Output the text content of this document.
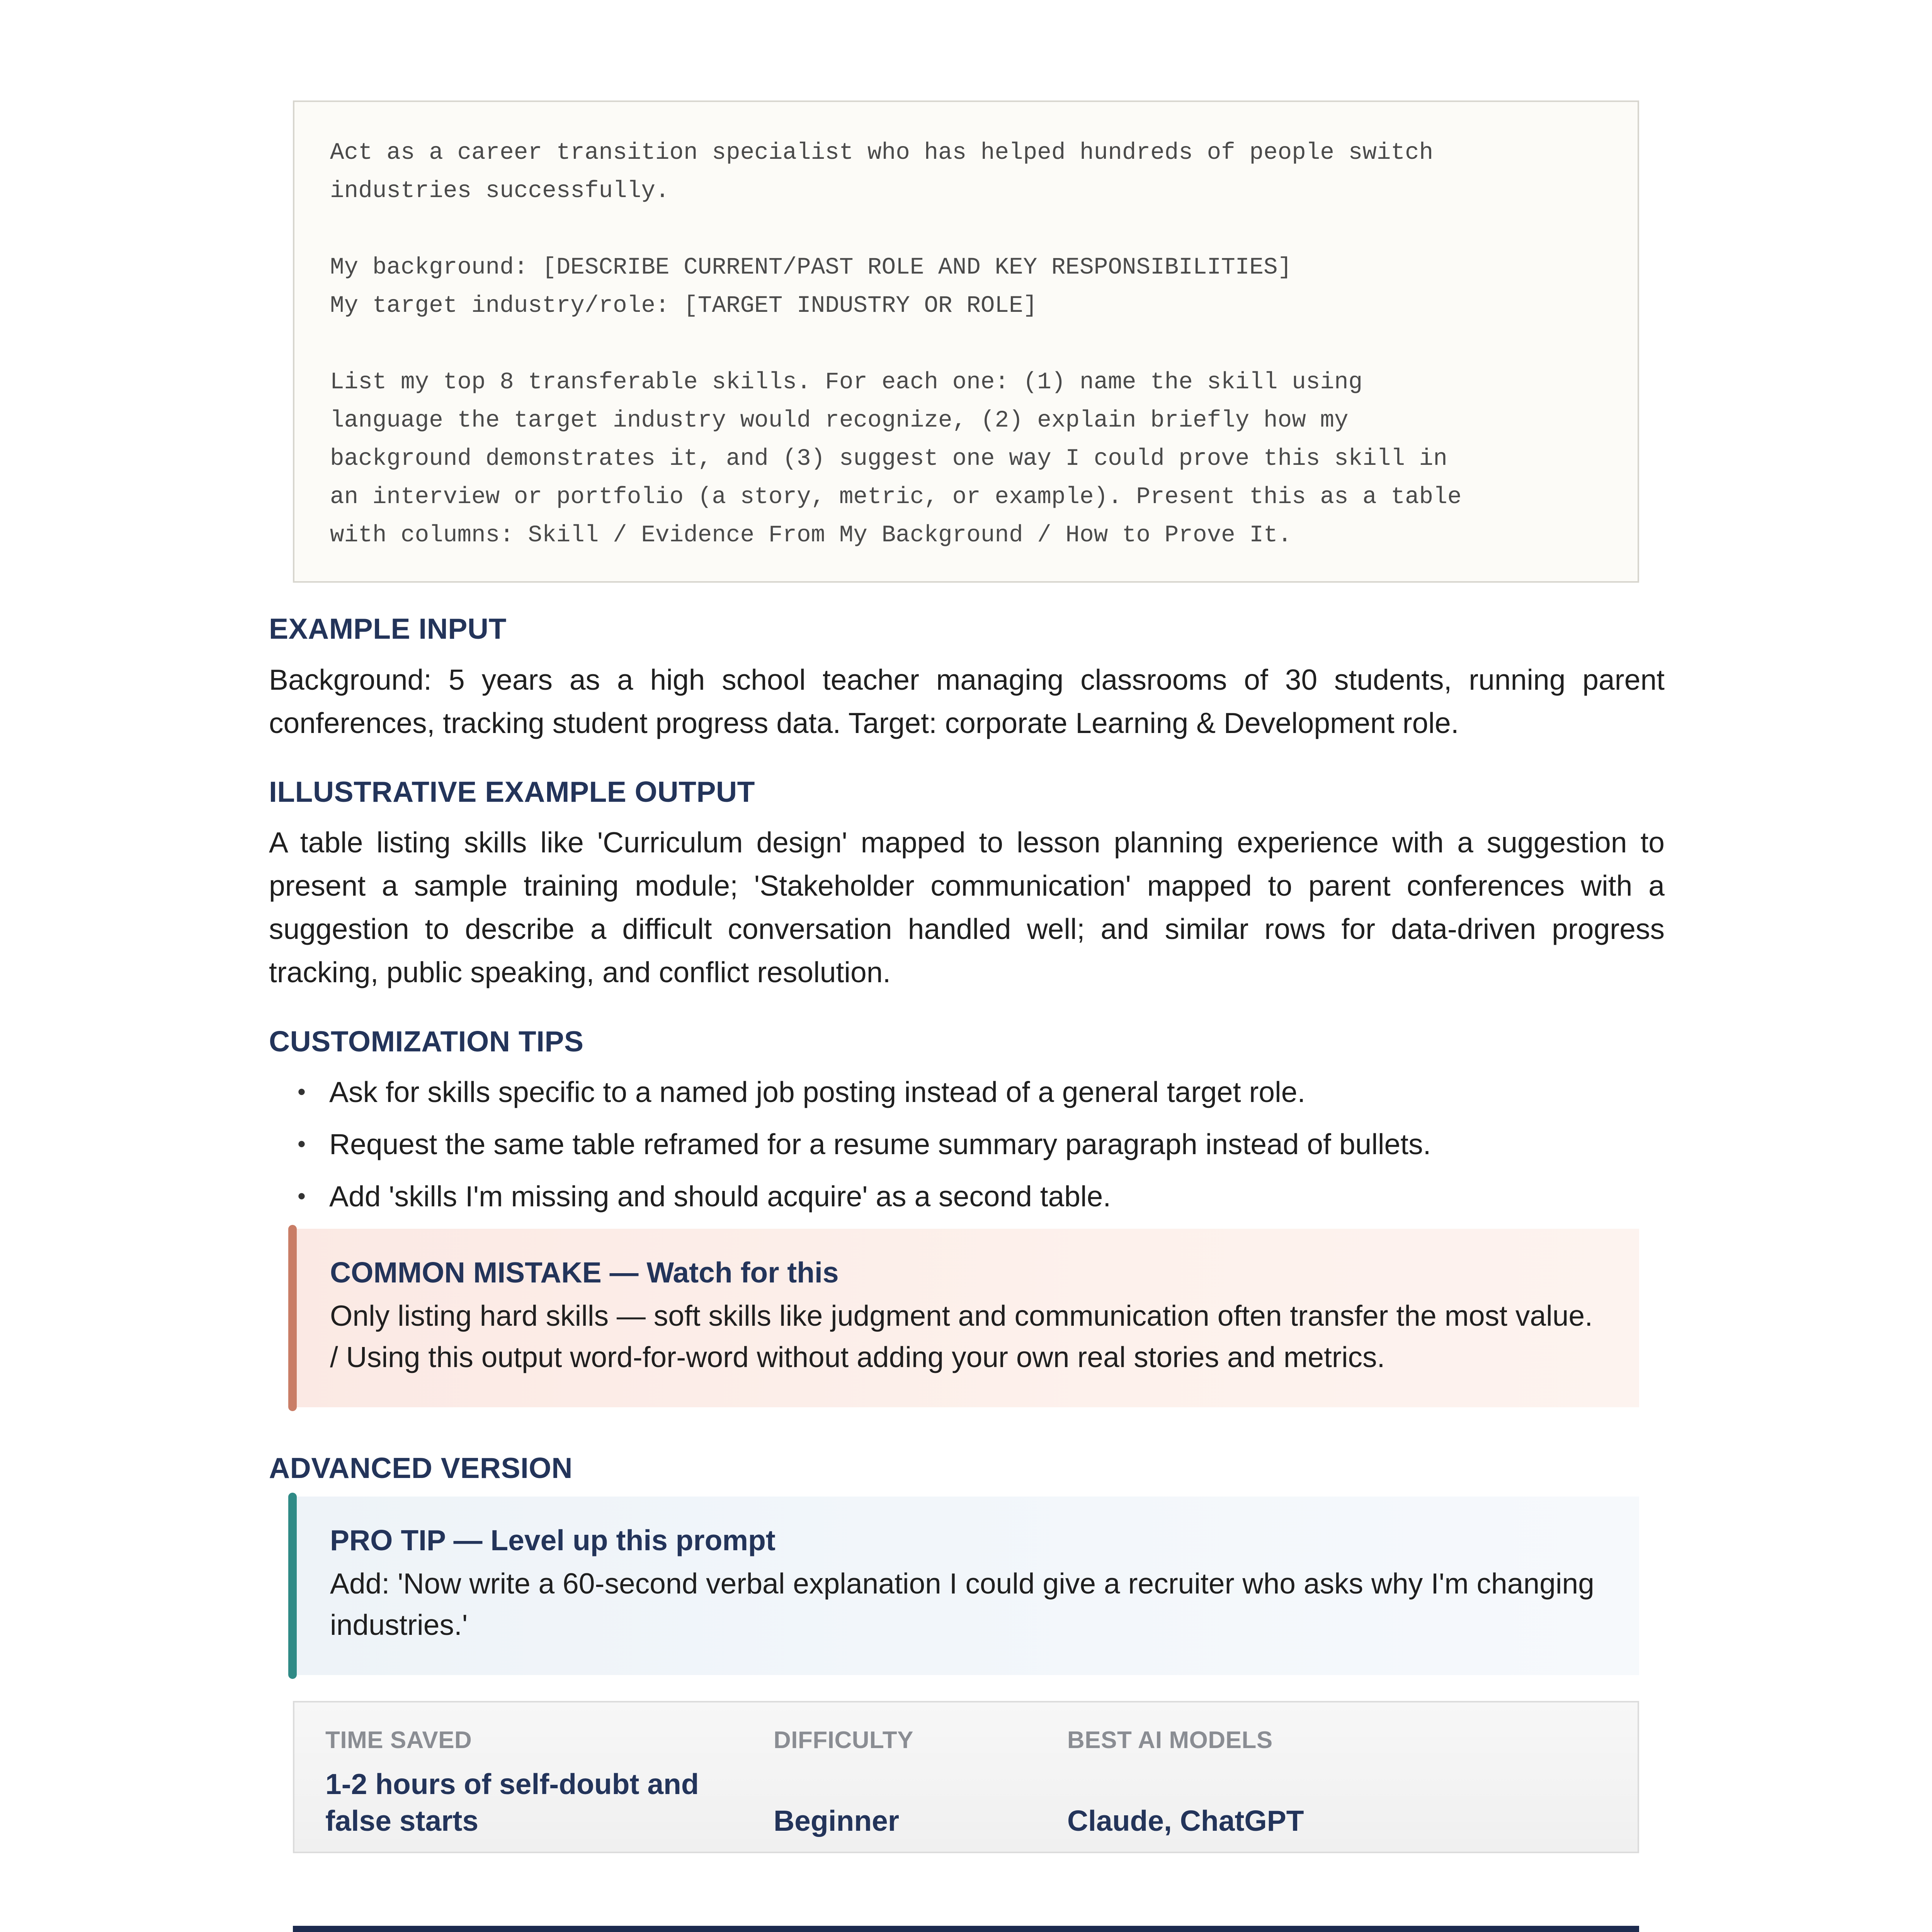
Act as a career transition specialist who has helped hundreds of people switch

industries successfully.

My background: [DESCRIBE CURRENT/PAST ROLE AND KEY RESPONSIBILITIES]

My target industry/role: [TARGET INDUSTRY OR ROLE]

List my top 8 transferable skills. For each one: (1) name the skill using

language the target industry would recognize, (2) explain briefly how my

background demonstrates it, and (3) suggest one way I could prove this skill in

an interview or portfolio (a story, metric, or example). Present this as a table

with columns: Skill / Evidence From My Background / How to Prove It.

EXAMPLE INPUT

Background: 5 years as a high school teacher managing classrooms of 30 students, running parent conferences, tracking student progress data. Target: corporate Learning & Development role.

ILLUSTRATIVE EXAMPLE OUTPUT

A table listing skills like 'Curriculum design' mapped to lesson planning experience with a suggestion to present a sample training module; 'Stakeholder communication' mapped to parent conferences with a suggestion to describe a difficult conversation handled well; and similar rows for data-driven progress tracking, public speaking, and conflict resolution.

CUSTOMIZATION TIPS
• Ask for skills specific to a named job posting instead of a general target role.
• Request the same table reframed for a resume summary paragraph instead of bullets.
• Add 'skills I'm missing and should acquire' as a second table.

COMMON MISTAKE — Watch for this

Only listing hard skills — soft skills like judgment and communication often transfer the most value. / Using this output word-for-word without adding your own real stories and metrics.

ADVANCED VERSION

PRO TIP — Level up this prompt

Add: 'Now write a 60-second verbal explanation I could give a recruiter who asks why I'm changing industries.'

TIME SAVED

1-2 hours of self-doubt and

false starts

DIFFICULTY

Beginner

BEST AI MODELS

Claude, ChatGPT
